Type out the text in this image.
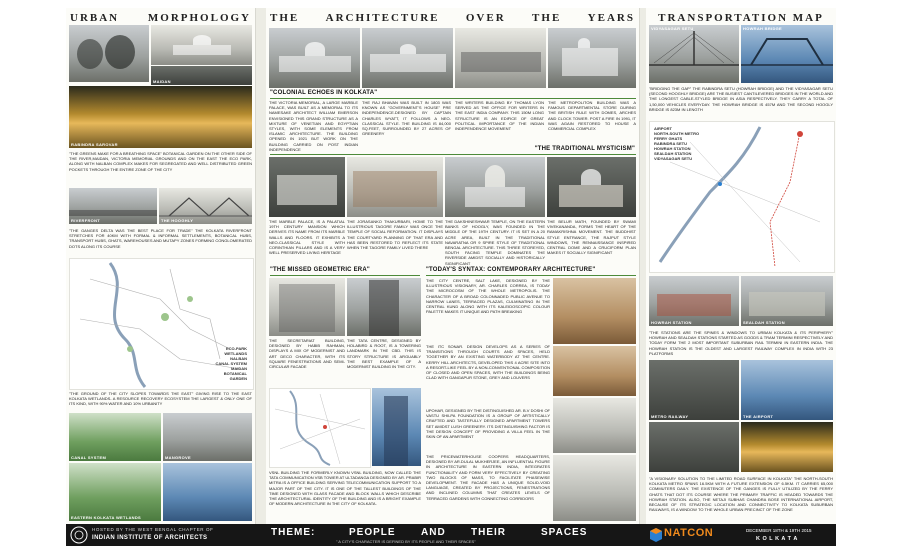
URBAN	MORPHOLOGY
MAIDAN
RABINDRA SAROVAR
"THE GREENS MAKE FOR A BREATHING SPACE" BOTANICAL GARDEN ON THE OTHER SIDE OF THE RIVER,MAIDAN, VICTORIA MEMORIAL GROUNDS AND ON THE EAST THE ECO PARK, ALONG WITH NALBAN COMPLEX MAKES FOR SEGREGATED AND WELL DISTRIBUTED GREEN POCKETS THROUGH THE ENTIRE ZONE OF THE CITY
RIVERFRONT	THE HOOGHLY
"THE GANGES DELTA WAS THE BEST PLACE FOR TRADE" THE KOLKATA RIVERFRONT STRETCHES FOR 40KM WITH FORMAL & INFORMAL SETTLEMENTS, BOTANICAL HUBS, TRANSPORT HUBS, GHATS, WAREHOUSES AND MUTAPY ZONES FORMING CONGLOMERATED DOTS ALONG ITS COURSE
ECO-PARK
WETLANDS
NALBAN
CANAL SYSTEM
MAIDAN
BOTANICAL
GARDEN
"THE GROUND OF THE CITY SLOPES TOWARDS THE EAST" GIVING RISE TO THE EAST KOLKATA WETLANDS- A RESOURCE RECOVERY ECOSYSTEM THE LARGEST & ONLY ONE OF ITS KIND, WITH 90% WATER AND 10% URBANITY
CANAL SYSTEM	MANGROVE
EASTERN KOLKATA WETLANDS
THE ARCHITECTURE OVER THE YEARS
"COLONIAL ECHOES IN KOLKATA"
THE VICTORIA MEMORIAL, A LARGE MARBLE PALACE, WAS BUILT AS A MEMORIAL TO ITS NAMESAKE ARCHITECT WILLIAM EMERSON ENVISIONED THIS GRAND STRUCTURE AS A MIXTURE OF VENETIAN AND EGYPTIAN STYLES, WITH SOME ELEMENTS FROM ISLAMIC ARCHITECTURE. THE BUILDING OPENED IN 1921 BUT WORK ON THE BUILDING CARRIED ON POST INDIAN INDEPENDENCE
THE RAJ BHAVAN WAS BUILT IN 1803 WAS KNOWN AS "GOVERNMENT'S HOUSE" PRE INDEPENDENCE.DESIGNED BY CAPTAIN CHARLES WYATT, IT FOLLOWS A NEO-CLASSICAL STYLE. THE BUILDING IS 84,000 SQ.FEET, SURROUNDED BY 27 ACRES OF GREENERY
THE WRITERS BUILDING BY THOMAS LYON SERVED AS THE OFFICE FOR WRITERS IN THE EAST INDIA COMPANY. THIS 150M LONG STRUCTURE IS AN EDIFICE OF GREAT POLITICAL IMPORTANCE OF THE INDIAN INDEPENDENCE MOVEMENT
THE METROPOLITON BUILDING WAS A FAMOUS DEPARTMENTAL STORE DURING THE BRITISH RULE WITH DOMES, ARCHES AND CLOCK TOWER. POST A FIRE IN 1991, IT WAS AGAIN RESTORED TO HOUSE A COMMERCIAL COMPLEX
"THE TRADITIONAL MYSTICISM"
THE MARBLE PALACE, IS A PALATIAL 19TH CENTURY MANSION WHICH DERIVES ITS NAME FROM ITS MARBLE WALLS AND FLOORS. IT EXHIBITS A NEO-CLASSICAL STYLE WITH CORINTHIAN PILLARS AND IS A VERY WELL PRESERVED LIVING HERITAGE
THE JORASANKO THAKURBARI, HOME TO THE ILLUSTRIOUS TAGORE FAMILY WAS ONCE THE TEMPLE OF SOCIAL REFORMATION. IT DISPLAYS THE COURTYARD PLANNING OF THAT ERA AND HAS BEEN RESTORED TO REFLECT ITS STATE WHEN THE TAGORE FAMILY LIVED THERE
THE DAKSHINESHWAR TEMPLE, ON THE EASTERN BANKS OF HOOGLY, WAS FOUNDED IN THE MIDDLE OF THE 19TH CENTURY. IT IS SET IN A 20 ACRE AREA, BUILT IN THE TRADITIONAL NAVARATNA OR 9 SPIRE STYLE OF TRADITIONAL BENGAL ARCHITECTURE. THIS THREE STOREYED, SOUTH FACING TEMPLE DOMINATES THE RIVERSIDE AMIDST SOCIALLY AND HISTORICALLY SIGNIFICANT
THE BELUR MATH, FOUNDED BY SWAMI VIVEKANANDA, FORMS THE HEART OF THE RAMAKRISHNA MOVEMENT. THE BUDDHIST STYLE ENTRANCE, THE RAJPUT STYLE WINDOWS, THE RENNAISSANCE INSPIRED CENTRAL DOME AND A CRUCIFORM PLAN MAKES IT SOCIALLY SIGNIFICANT
"THE MISSED GEOMETRIC ERA"	"TODAY'S SYNTAX: CONTEMPORARY ARCHITECTURE"
THE SECRETARIAT BUILDING, DESIGNED BY HABIB RAHMAN, DISPLAYS A MIX OF MODERNIST AND ART DECO CHARACTER, WITH ITS SQUARE FENESTRATIONS AND SEMI-CIRCULAR FACADE
THE TATA CENTRE, DESIGNED BY HOLABIRD & ROOT, IS A TOWERING LANDMARK IN THE CBD. THIS IS STORY STRUCTURE IS ARGUABLY THE BEST EXAMPLE OF A MODERNIST BUILDING IN THE CITY.
VSNL BUILDING THE FORMERLY KNOWN VSNL BUILDING, NOW CALLED THE TATA COMMUNICATION VSB TOWER AT ULTADANGA DESIGNED BY AR. PRABIR MITRA IS A OFFICE BUILDING SERVING TELECOMMUNICATION SUPPORT TO A MAJOR PART OF THE CITY. IT IS ONE OF THE TALLEST BUILDINGS OF THE TIME DESIGNED WITH GLASS FACADE AND BLOCK WALLS WHICH DESCRIBE THE ARCHITECTURAL IDENTITY OF THE BUILDING AND IS A BRIGHT EXAMPLE OF MODERN ARCHITECTURE IN THE CITY OF KOLKATA.
THE CITY CENTRE, SALT LAKE, DESIGNED BY THE ILLUSTRIOUS VISIONARY, AR. CHARLES CORREA, IS TODAY THE MICROCOSM OF THE WHOLE METROPOLIS. THE CHARACTER OF A BROAD COLONNADED PUBLIC AVENUE TO NARROW LANES, TERRACED PLAZAS, CULMINATING IN THE CENTRAL KUND ALONG WITH ITS KALEIDOSCOPIC COLOUR PALETTE MAKES IT UNIQUE AND PATH BREAKING
THE ITC SONAR. DESIGN DEVELOPS AS A SERIES OF TRANSITIONS THROUGH COURTS AND SPACES, HELD TOGETHER BY AN EXISTING WATERBODY AT THE CENTRE. KERRY HILL ARCHITECTS, DEVELOPED THIS 4 ACRE SITE INTO A RESORT-LIKE FEEL BY A NON-CONVENTIONAL COMPOSITION OF CLOSED AND OPEN SPACES, WITH THE BUILDINGS BEING CLAD WITH GANGAPUR STONE, GREY AND LOUVERS
UPOHAR, DESIGNED BY THE DISTINGUISHED AR. B.V DOSHI OF VASTU SHILPA FOUNDATION IS A GROUP OF ARTISTICALLY CRAFTED AND TASTEFULLY DESIGNED APARTMENT TOWERS SET AMIDST LUSH GREENERY. ITS DISTINGUISHING FACTOR IS THE DESIGN CONCEPT OF PROVIDING A VILLA FEEL IN THE SKIN OF AN APARTMENT
THE PRICEWATERHOUSE COOPERS HEADQUARTERS, DESIGNED BY AR.DULAL MUKHERJEE, AN INFLUENTIAL FIGURE IN ARCHITECTURE IN EASTERN INDIA, INTEGRATES FUNCTIONALITY AND FORM VERY EFFECTIVELY BY CREATING TWO BLOCKS OF MASS, TO FACILITATE PHASEWISE DEVELOPMENT. THE FACADE HAS A UNIQUE SOLID-VOID LANGUAGE, CREATED BY PROJECTIONS, FENESTRATIONS AND INCLINED COLUMNS THAT CREATES LEVELS OF TERRACED GARDENS WITH CONNECTING CORRIDORS
TRANSPORTATION MAP
VIDYASAGAR SETU	HOWRAH BRIDGE
"BRIDGING THE GAP" THE RABINDRA SETU (HOWRAH BRIDGE) AND THE VIDYASAGAR SETU (SECOND HOOGHLY BRIDGE) ARE THE BUSIEST CANTILEVERED BRIDGES IN THE WORLD AND THE LONGEST CABLE-STYLED BRIDGE IN ASIA RESPECTIVELY. THEY CARRY A TOTAL OF 1,50,000 VEHICLES EVERYDAY. THE HOWRAH BRIDGE IS 457M AND THE SECOND HOOGLY BRIDGE IS 823M IN LENGTH
AIRPORT
NORTH-SOUTH METRO
FERRY GHATS
RABINDRA SETU
HOWRAH STATION
SEALDAH STATION
VIDYASAGAR SETU
HOWRAH STATION	SEALDAH STATION
"THE STATIONS ARE THE SPINES & WINDOWS TO URBAN KOLKATA & ITS PERIPHERY" HOWRAH AND SEALDAH STATIONS STARTED AS GOODS & TRAM TERMINI RESPECTIVELY AND TODAY FORM THE 2 MOST IMPORTANT SUBURBAN RAIL TERMINI IN EASTERN INDIA. THE HOWRAH STATION IS THE OLDEST AND LARGEST RAILWAY COMPLEX IN INDIA WITH 23 PLATFORMS
METRO RAILWAY	THE AIRPORT
"A VISIONARY SOLUTION TO THE LIMITED ROAD SURFACE IN KOLKATA" THE NORTH-SOUTH KOLKATA METRO SPANS 16.5KM WITH A FUTURE EXTENSION OF 6.5KM. IT CARRIES 65,000 COMMUTERS DAILY. THE EXISTENCE OF THE GANGES IS FULLY UTILIZED BY THE FERRY GHATS THAT DOT ITS COURSE WHERE THE PRIMARY TRAFFIC IS HEADED TOWARDS THE HOWRAH STATION. ALSO, THE NETAJI SUBHAS CHANDRA BOSE INTERNATIONAL AIRPORT, BECAUSE OF ITS STRATEGIC LOCATION AND CONNECTIVITY TO KOLKATA SUBURBAN RAILWAYS, IS A WINDOW TO THE WHOLE URBAN PRECINCT OF THE ZONE
HOSTED BY THE WEST BENGAL CHAPTER OF
INDIAN INSTITUTE OF ARCHITECTS	THEME:	PEOPLE	AND	THEIR	SPACES
" A CITY'S CHARACTER IS DEFINED BY ITS PEOPLE AND THEIR SPACES"
NATCON	DECEMBER 18TH & 19TH 2015
K O L K A T A
